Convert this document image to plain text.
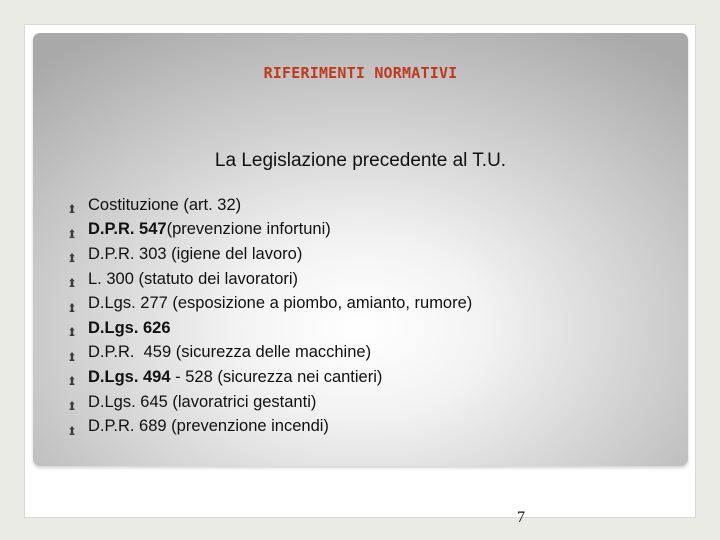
RIFERIMENTI NORMATIVI
La Legislazione precedente al T.U.
Costituzione (art. 32)
D.P.R. 547 (prevenzione infortuni)
D.P.R. 303 (igiene del lavoro)
L. 300 (statuto dei lavoratori)
D.Lgs. 277 (esposizione a piombo, amianto, rumore)
D.Lgs. 626
D.P.R.  459 (sicurezza delle macchine)
D.Lgs. 494 - 528 (sicurezza nei cantieri)
D.Lgs. 645 (lavoratrici gestanti)
D.P.R. 689 (prevenzione incendi)
7
